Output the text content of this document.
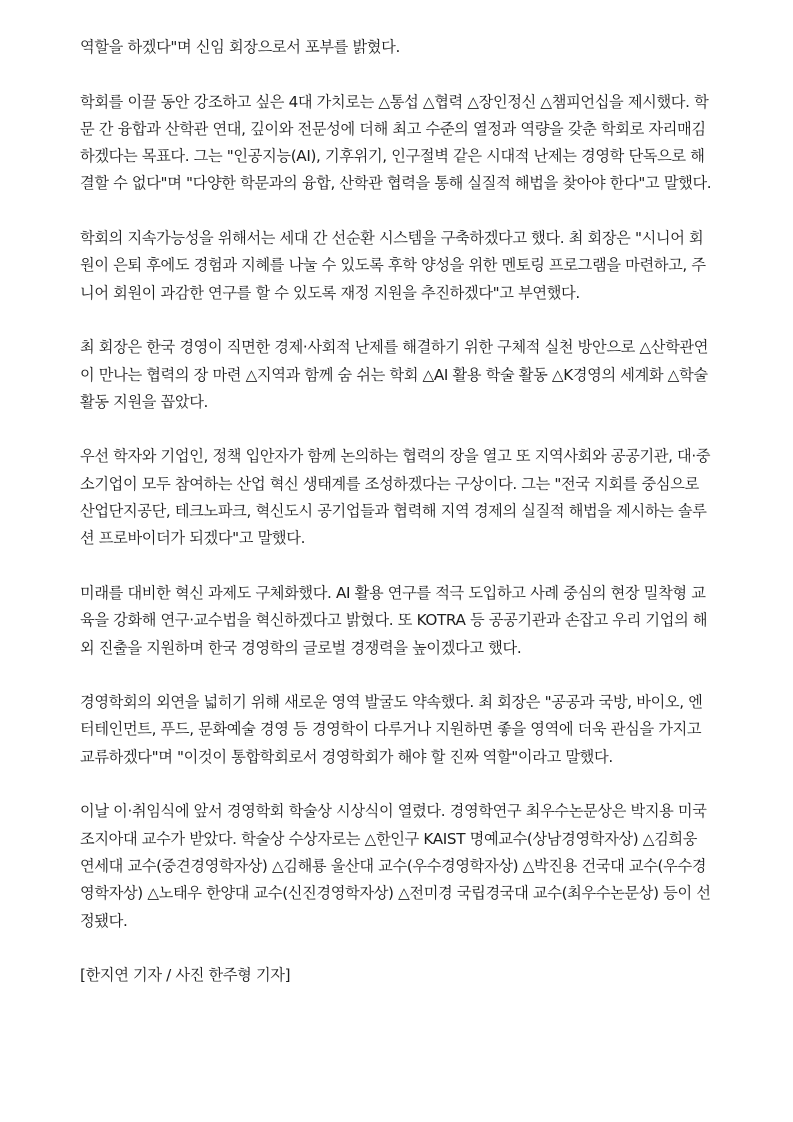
역할을 하겠다"며 신임 회장으로서 포부를 밝혔다.

학회를 이끌 동안 강조하고 싶은 4대 가치로는 △통섭 △협력 △장인정신 △챔피언십을 제시했다. 학문 간 융합과 산학관 연대, 깊이와 전문성에 더해 최고 수준의 열정과 역량을 갖춘 학회로 자리매김하겠다는 목표다. 그는 "인공지능(AI), 기후위기, 인구절벽 같은 시대적 난제는 경영학 단독으로 해결할 수 없다"며 "다양한 학문과의 융합, 산학관 협력을 통해 실질적 해법을 찾아야 한다"고 말했다.

학회의 지속가능성을 위해서는 세대 간 선순환 시스템을 구축하겠다고 했다. 최 회장은 "시니어 회원이 은퇴 후에도 경험과 지혜를 나눌 수 있도록 후학 양성을 위한 멘토링 프로그램을 마련하고, 주니어 회원이 과감한 연구를 할 수 있도록 재정 지원을 추진하겠다"고 부연했다.

최 회장은 한국 경영이 직면한 경제·사회적 난제를 해결하기 위한 구체적 실천 방안으로 △산학관연이 만나는 협력의 장 마련 △지역과 함께 숨 쉬는 학회 △AI 활용 학술 활동 △K경영의 세계화 △학술 활동 지원을 꼽았다.

우선 학자와 기업인, 정책 입안자가 함께 논의하는 협력의 장을 열고 또 지역사회와 공공기관, 대·중소기업이 모두 참여하는 산업 혁신 생태계를 조성하겠다는 구상이다. 그는 "전국 지회를 중심으로 산업단지공단, 테크노파크, 혁신도시 공기업들과 협력해 지역 경제의 실질적 해법을 제시하는 솔루션 프로바이더가 되겠다"고 말했다.

미래를 대비한 혁신 과제도 구체화했다. AI 활용 연구를 적극 도입하고 사례 중심의 현장 밀착형 교육을 강화해 연구·교수법을 혁신하겠다고 밝혔다. 또 KOTRA 등 공공기관과 손잡고 우리 기업의 해외 진출을 지원하며 한국 경영학의 글로벌 경쟁력을 높이겠다고 했다.

경영학회의 외연을 넓히기 위해 새로운 영역 발굴도 약속했다. 최 회장은 "공공과 국방, 바이오, 엔터테인먼트, 푸드, 문화예술 경영 등 경영학이 다루거나 지원하면 좋을 영역에 더욱 관심을 가지고 교류하겠다"며 "이것이 통합학회로서 경영학회가 해야 할 진짜 역할"이라고 말했다.

이날 이·취임식에 앞서 경영학회 학술상 시상식이 열렸다. 경영학연구 최우수논문상은 박지용 미국 조지아대 교수가 받았다. 학술상 수상자로는 △한인구 KAIST 명예교수(상남경영학자상) △김희웅 연세대 교수(중견경영학자상) △김해룡 울산대 교수(우수경영학자상) △박진용 건국대 교수(우수경영학자상) △노태우 한양대 교수(신진경영학자상) △전미경 국립경국대 교수(최우수논문상) 등이 선정됐다.

[한지연 기자 / 사진 한주형 기자]
